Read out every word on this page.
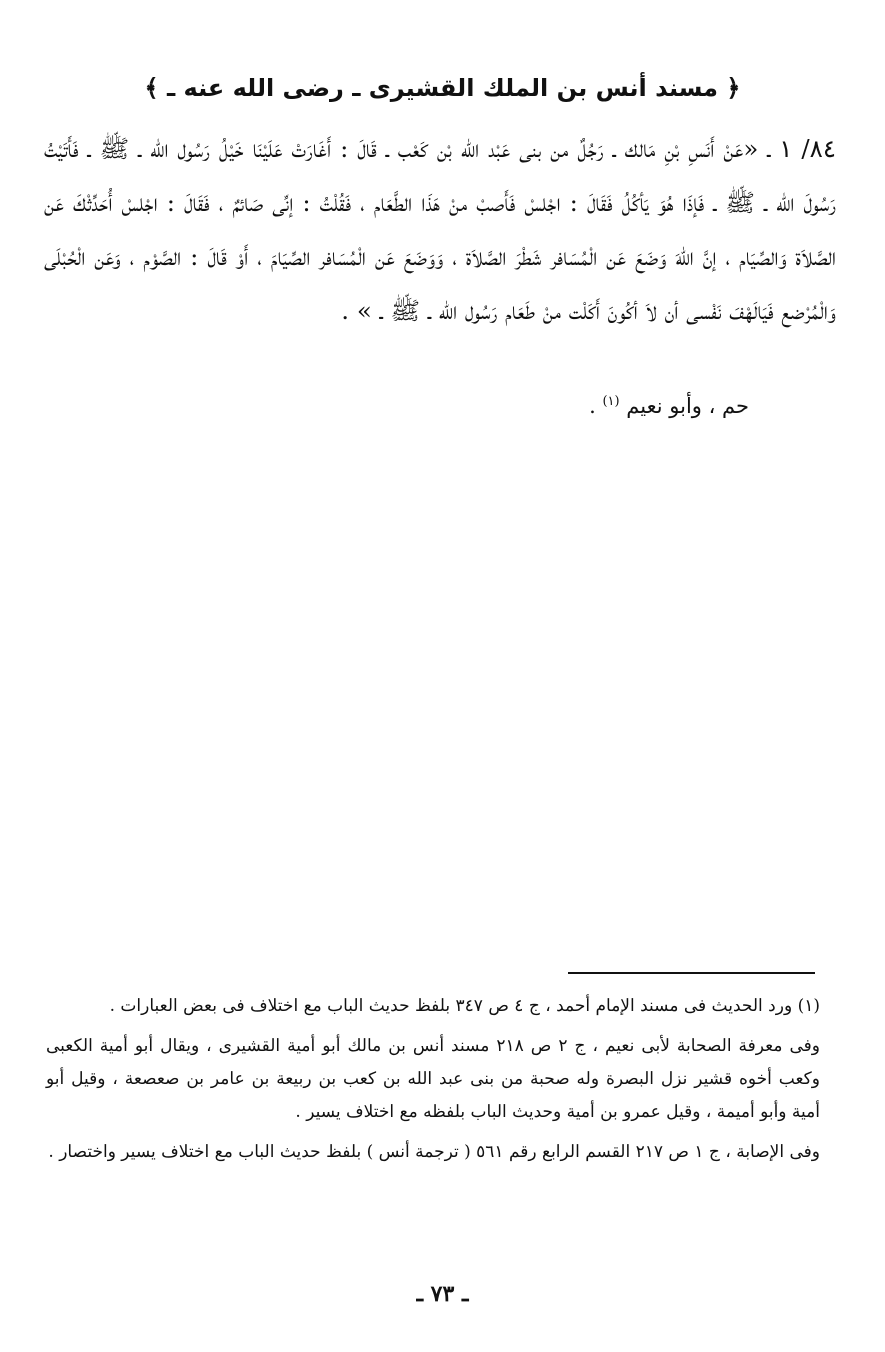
﴿ مسند أنس بن الملك القشيرى ـ رضى الله عنه ـ ﴾

٨٤/ ١ ـ «عَنْ أَنَسِ بْنِ مَالك ـ رَجُلٌ من بنى عَبْد الله بْن كَعْب ـ قَالَ : أَغَارَتْ عَلَيْنَا خَيْلُ رَسُول الله ـ ﷺ ـ فَأَتَيْتُ رَسُولَ الله ـ ﷺ ـ فَإذَا هُوَ يَأكُلُ فَقَالَ : اجْلسْ فَأَصبْ منْ هَذَا الطَّعَام ، فَقُلْتُ : إنِّى صَائمٌ ، فَقَالَ : اجْلسْ أُحَدِّثْكَ عَن الصَّلاَة وَالصِّيَام ، إنَّ اللهَ وَضَعَ عَن الْمُسَافر شَطْرَ الصَّلاَة ، وَوَضَعَ عَن الْمُسَافر الصِّيَامَ ، أَوْ قَالَ : الصَّوْم ، وَعَن الْحُبْلَى وَالْمُرْضع فَيَالَهْفَ نَفْسى أن لاَ أكُونَ أَكَلْت منْ طَعَام رَسُول الله ـ ﷺ ـ » .

حم ، وأبو نعيم $^{(١)}$ .

(١) ورد الحديث فى مسند الإمام أحمد ، ج ٤ ص ٣٤٧ بلفظ حديث الباب مع اختلاف فى بعض العبارات .

وفى معرفة الصحابة لأبى نعيم ، ج ٢ ص ٢١٨ مسند أنس بن مالك أبو أمية القشيرى ، ويقال أبو أمية الكعبى وكعب أخوه قشير نزل البصرة وله صحبة من بنى عبد الله بن كعب بن ربيعة بن عامر بن صعصعة ، وقيل أبو أمية وأبو أميمة ، وقيل عمرو بن أمية وحديث الباب بلفظه مع اختلاف يسير .

وفى الإصابة ، ج ١ ص ٢١٧ القسم الرابع رقم ٥٦١ ( ترجمة أنس ) بلفظ حديث الباب مع اختلاف يسير واختصار .

ـ ٧٣ ـ
